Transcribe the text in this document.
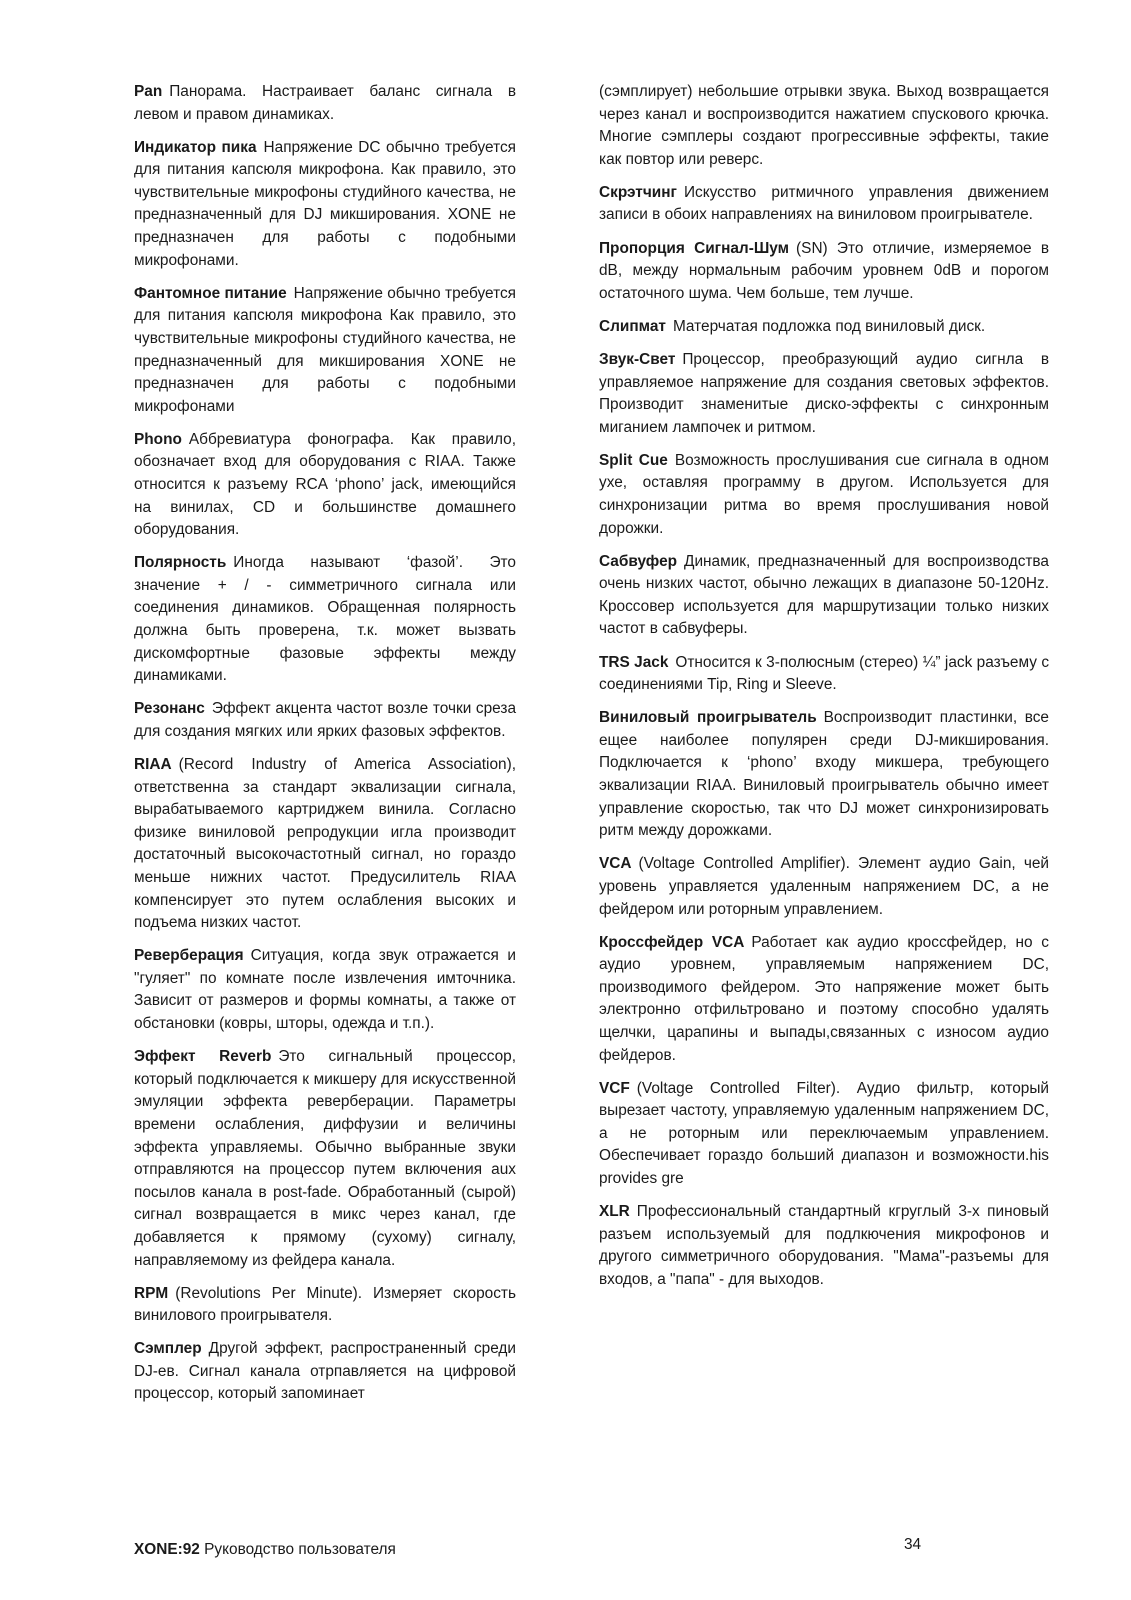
Pan Панорама. Настраивает баланс сигнала в левом и правом динамиках.

Индикатор пика Напряжение DC обычно требуется для питания капсюля микрофона. Как правило, это чувствительные микрофоны студийного качества, не предназначенный для DJ микширования. XONE не предназначен для работы с подобными микрофонами.

Фантомное питание Напряжение обычно требуется для питания капсюля микрофона Как правило, это чувствительные микрофоны студийного качества, не предназначенный для микширования XONE не предназначен для работы с подобными микрофонами

Phono Аббревиатура фонографа. Как правило, обозначает вход для оборудования с RIAA. Также относится к разъему RCA ‘phono’ jack, имеющийся на винилах, CD и большинстве домашнего оборудования.

Полярность Иногда называют ‘фазой’. Это значение + / - симметричного сигнала или соединения динамиков. Обращенная полярность должна быть проверена, т.к. может вызвать дискомфортные фазовые эффекты между динамиками.

Резонанс Эффект акцента частот возле точки среза для создания мягких или ярких фазовых эффектов.

RIAA (Record Industry of America Association), ответственна за стандарт эквализации сигнала, вырабатываемого картриджем винила. Согласно физике виниловой репродукции игла производит достаточный высокочастотный сигнал, но гораздо меньше нижних частот. Предусилитель RIAA компенсирует это путем ослабления высоких и подъема низких частот.

Реверберация Ситуация, когда звук отражается и "гуляет" по комнате после извлечения имточника. Зависит от размеров и формы комнаты, а также от обстановки (ковры, шторы, одежда и т.п.).

Эффект Reverb Это сигнальный процессор, который подключается к микшеру для искусственной эмуляции эффекта реверберации. Параметры времени ослабления, диффузии и величины эффекта управляемы. Обычно выбранные звуки отправляются на процессор путем включения aux посылов канала в post-fade. Обработанный (сырой) сигнал возвращается в микс через канал, где добавляется к прямому (сухому) сигналу, направляемому из фейдера канала.

RPM (Revolutions Per Minute). Измеряет скорость винилового проигрывателя.

Сэмплер Другой эффект, распространенный среди DJ-ев. Сигнал канала отрпавляется на цифровой процессор, который запоминает

(сэмплирует) небольшие отрывки звука. Выход возвращается через канал и воспроизводится нажатием спускового крючка. Многие сэмплеры создают прогрессивные эффекты, такие как повтор или реверс.

Скрэтчинг Искусство ритмичного управления движением записи в обоих направлениях на виниловом проигрывателе.

Пропорция Сигнал-Шум (SN) Это отличие, измеряемое в dB, между нормальным рабочим уровнем 0dB и порогом остаточного шума. Чем больше, тем лучше.

Слипмат Матерчатая подложка под виниловый диск.

Звук-Свет Процессор, преобразующий аудио сигнла в управляемое напряжение для создания световых эффектов. Производит знаменитые диско-эффекты с синхронным миганием лампочек и ритмом.

Split Cue Возможность прослушивания cue сигнала в одном ухе, оставляя программу в другом. Используется для синхронизации ритма во время прослушивания новой дорожки.

Сабвуфер Динамик, предназначенный для воспроизводства очень низких частот, обычно лежащих в диапазоне 50-120Hz. Кроссовер используется для маршрутизации только низких частот в сабвуферы.

TRS Jack Относится к 3-полюсным (стерео) ¼” jack разъему с соединениями Tip, Ring и Sleeve.

Виниловый проигрыватель Воспроизводит пластинки, все ещее наиболее популярен среди DJ-микширования. Подключается к ‘phono’ входу микшера, требующего эквализации RIAA. Виниловый проигрыватель обычно имеет управление скоростью, так что DJ может синхронизировать ритм между дорожками.

VCA (Voltage Controlled Amplifier). Элемент аудио Gain, чей уровень управляется удаленным напряжением DC, а не фейдером или роторным управлением.

Кроссфейдер VCA Работает как аудио кроссфейдер, но с аудио уровнем, управляемым напряжением DC, производимого фейдером. Это напряжение может быть электронно отфильтровано и поэтому способно удалять щелчки, царапины и выпады,связанных с износом аудио фейдеров.

VCF (Voltage Controlled Filter). Аудио фильтр, который вырезает частоту, управляемую удаленным напряжением DC, а не роторным или переключаемым управлением. Обеспечивает гораздо больший диапазон и возможности.his provides gre

XLR Профессиональный стандартный кгруглый 3-х пиновый разъем используемый для подлкючения микрофонов и другого симметричного оборудования. "Мама"-разъемы для входов, а "папа" - для выходов.

XONE:92 Руководство пользователя	34
